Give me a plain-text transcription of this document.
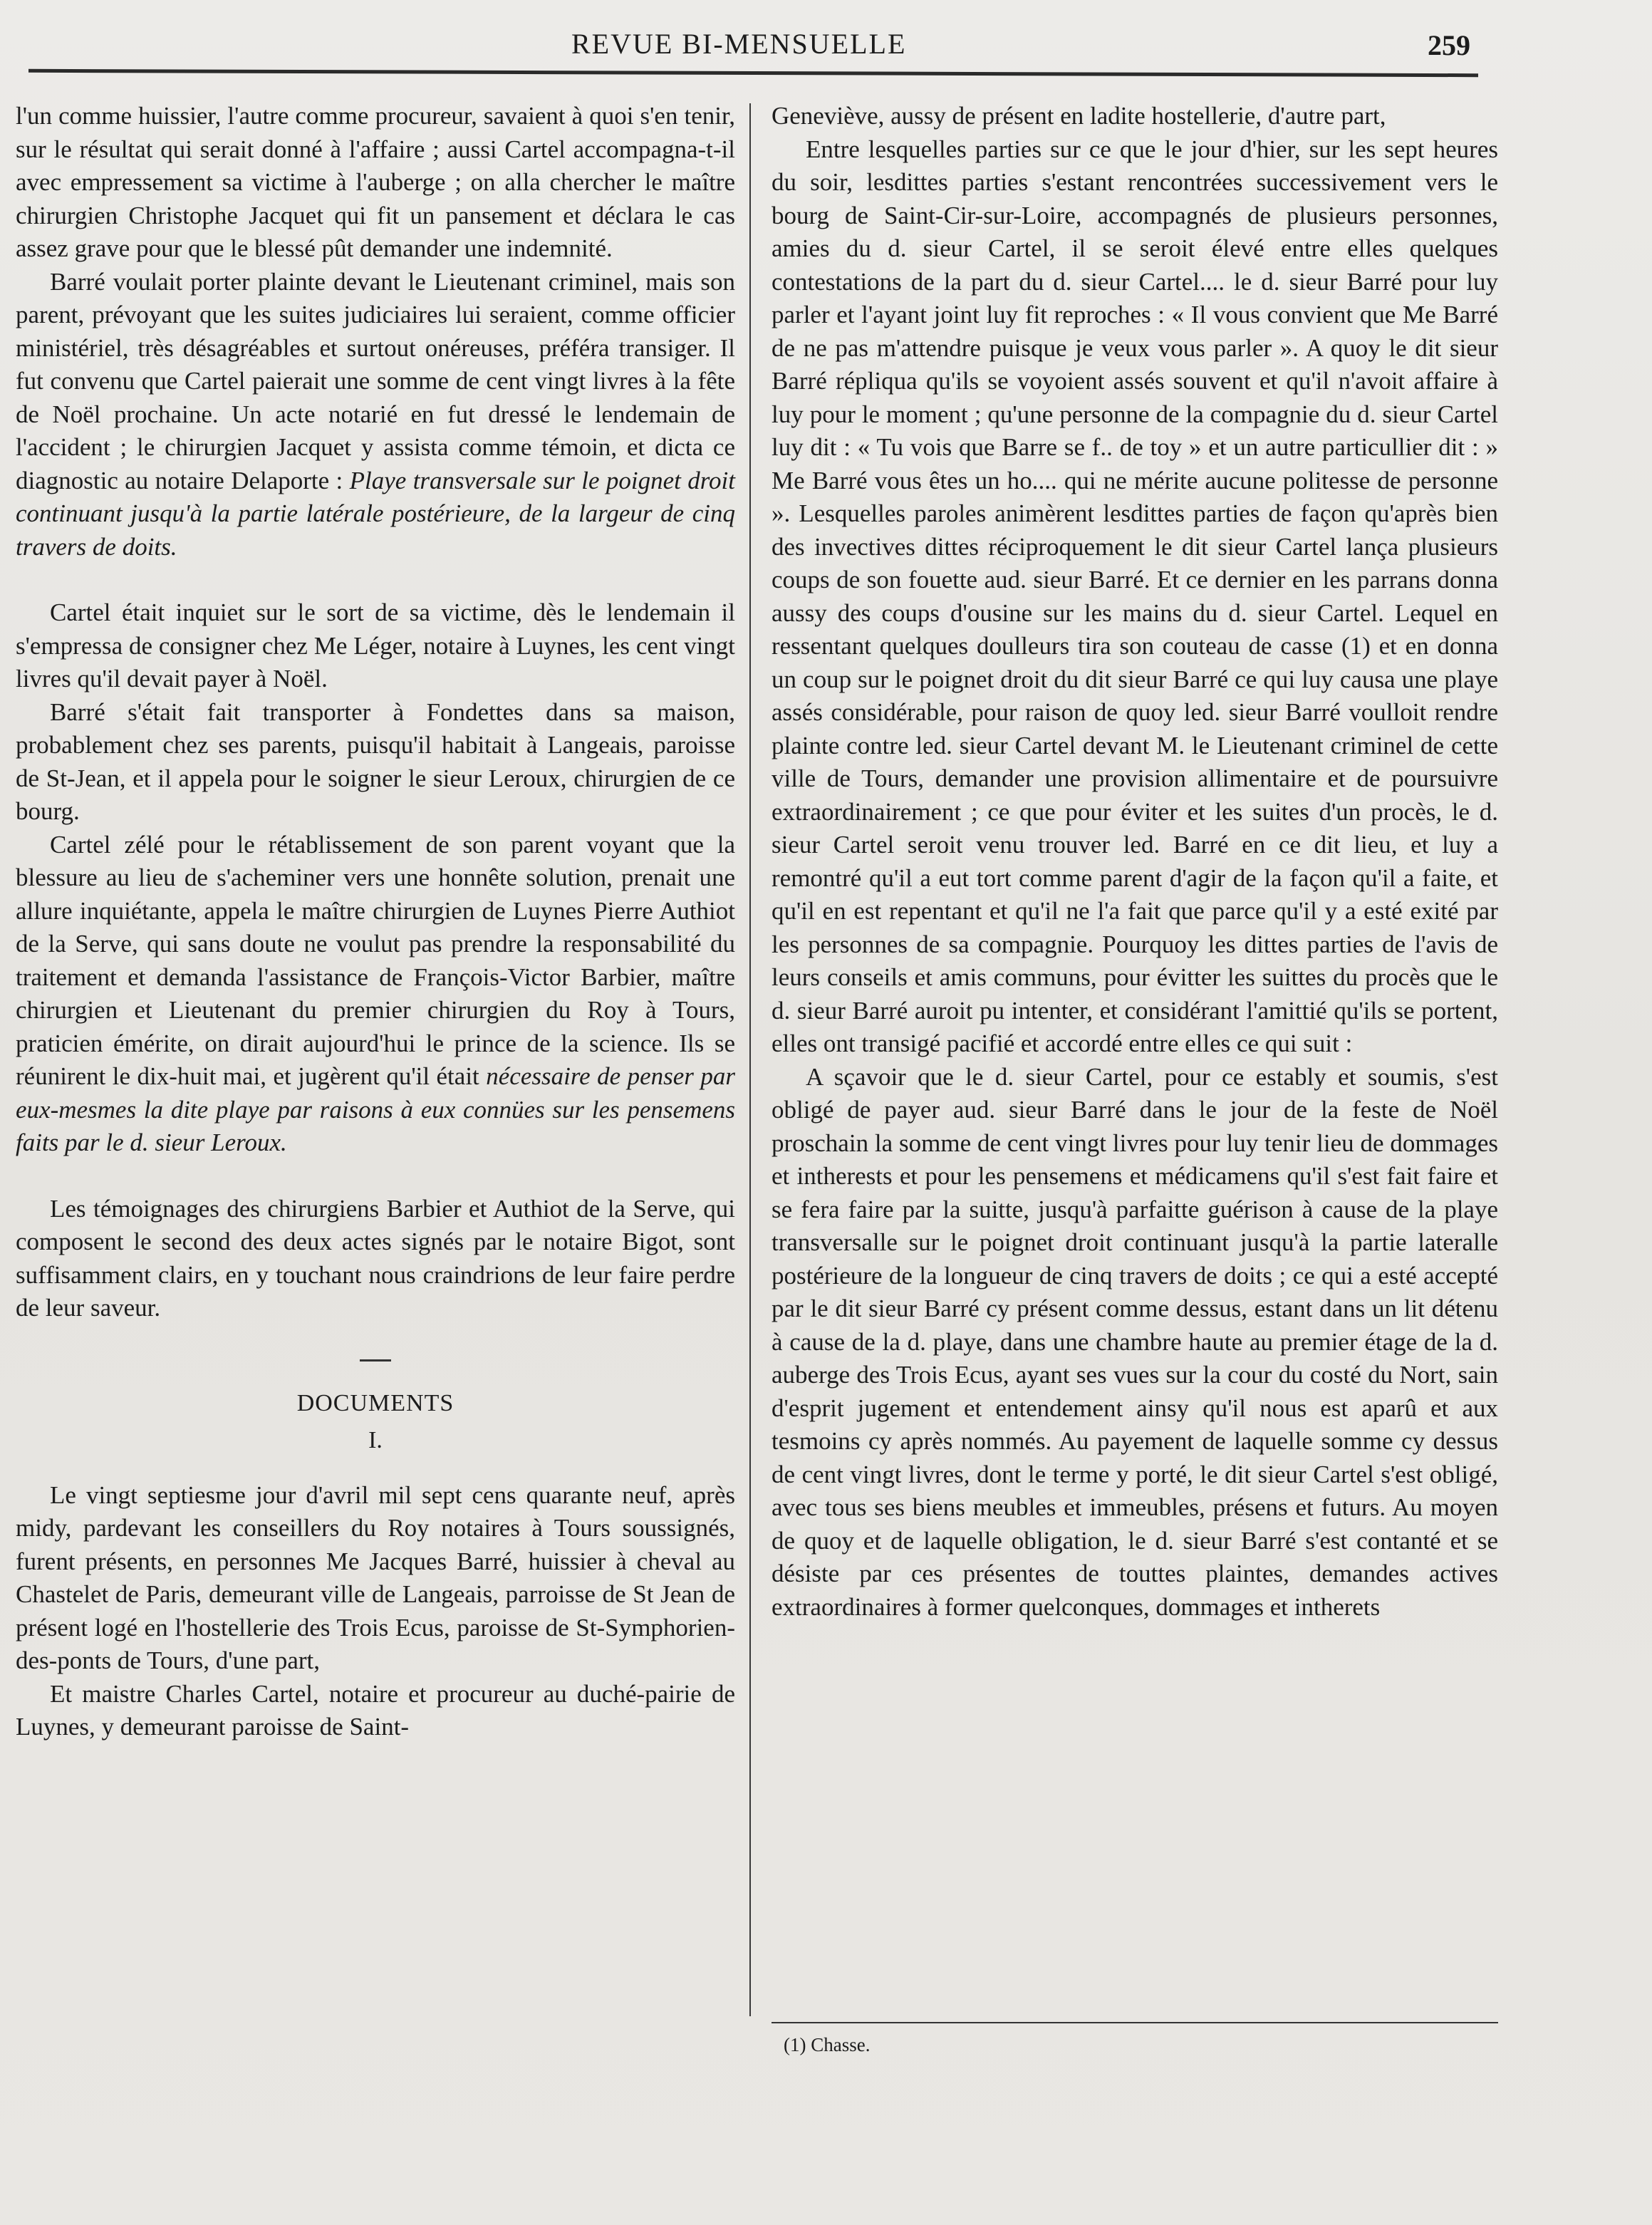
REVUE BI-MENSUELLE	259

l'un comme huissier, l'autre comme procureur, savaient à quoi s'en tenir, sur le résultat qui serait donné à l'affaire ; aussi Cartel accompagna-t-il avec empressement sa victime à l'auberge ; on alla chercher le maître chirurgien Christophe Jacquet qui fit un pansement et déclara le cas assez grave pour que le blessé pût demander une indemnité.

Barré voulait porter plainte devant le Lieutenant criminel, mais son parent, prévoyant que les suites judiciaires lui seraient, comme officier ministériel, très désagréables et surtout onéreuses, préféra transiger. Il fut convenu que Cartel paierait une somme de cent vingt livres à la fête de Noël prochaine. Un acte notarié en fut dressé le lendemain de l'accident ; le chirurgien Jacquet y assista comme témoin, et dicta ce diagnostic au notaire Delaporte : Playe transversale sur le poignet droit continuant jusqu'à la partie latérale postérieure, de la largeur de cinq travers de doits.

Cartel était inquiet sur le sort de sa victime, dès le lendemain il s'empressa de consigner chez Me Léger, notaire à Luynes, les cent vingt livres qu'il devait payer à Noël.

Barré s'était fait transporter à Fondettes dans sa maison, probablement chez ses parents, puisqu'il habitait à Langeais, paroisse de St-Jean, et il appela pour le soigner le sieur Leroux, chirurgien de ce bourg.

Cartel zélé pour le rétablissement de son parent voyant que la blessure au lieu de s'acheminer vers une honnête solution, prenait une allure inquiétante, appela le maître chirurgien de Luynes Pierre Authiot de la Serve, qui sans doute ne voulut pas prendre la responsabilité du traitement et demanda l'assistance de François-Victor Barbier, maître chirurgien et Lieutenant du premier chirurgien du Roy à Tours, praticien émérite, on dirait aujourd'hui le prince de la science. Ils se réunirent le dix-huit mai, et jugèrent qu'il était nécessaire de penser par eux-mesmes la dite playe par raisons à eux connües sur les pensemens faits par le d. sieur Leroux.

Les témoignages des chirurgiens Barbier et Authiot de la Serve, qui composent le second des deux actes signés par le notaire Bigot, sont suffisamment clairs, en y touchant nous craindrions de leur faire perdre de leur saveur.

DOCUMENTS
I.

Le vingt septiesme jour d'avril mil sept cens quarante neuf, après midy, pardevant les conseillers du Roy notaires à Tours soussignés, furent présents, en personnes Me Jacques Barré, huissier à cheval au Chastelet de Paris, demeurant ville de Langeais, parroisse de St Jean de présent logé en l'hostellerie des Trois Ecus, paroisse de St-Symphorien-des-ponts de Tours, d'une part,

Et maistre Charles Cartel, notaire et procureur au duché-pairie de Luynes, y demeurant paroisse de Saint-

Geneviève, aussy de présent en ladite hostellerie, d'autre part,

Entre lesquelles parties sur ce que le jour d'hier, sur les sept heures du soir, lesdittes parties s'estant rencontrées successivement vers le bourg de Saint-Cir-sur-Loire, accompagnés de plusieurs personnes, amies du d. sieur Cartel, il se seroit élevé entre elles quelques contestations de la part du d. sieur Cartel.... le d. sieur Barré pour luy parler et l'ayant joint luy fit reproches : « Il vous convient que Me Barré de ne pas m'attendre puisque je veux vous parler ». A quoy le dit sieur Barré répliqua qu'ils se voyoient assés souvent et qu'il n'avoit affaire à luy pour le moment ; qu'une personne de la compagnie du d. sieur Cartel luy dit : « Tu vois que Barre se f.. de toy » et un autre particullier dit : » Me Barré vous êtes un ho.... qui ne mérite aucune politesse de personne ». Lesquelles paroles animèrent lesdittes parties de façon qu'après bien des invectives dittes réciproquement le dit sieur Cartel lança plusieurs coups de son fouette aud. sieur Barré. Et ce dernier en les parrans donna aussy des coups d'ousine sur les mains du d. sieur Cartel. Lequel en ressentant quelques doulleurs tira son couteau de casse (1) et en donna un coup sur le poignet droit du dit sieur Barré ce qui luy causa une playe assés considérable, pour raison de quoy led. sieur Barré voulloit rendre plainte contre led. sieur Cartel devant M. le Lieutenant criminel de cette ville de Tours, demander une provision allimentaire et de poursuivre extraordinairement ; ce que pour éviter et les suites d'un procès, le d. sieur Cartel seroit venu trouver led. Barré en ce dit lieu, et luy a remontré qu'il a eut tort comme parent d'agir de la façon qu'il a faite, et qu'il en est repentant et qu'il ne l'a fait que parce qu'il y a esté exité par les personnes de sa compagnie. Pourquoy les dittes parties de l'avis de leurs conseils et amis communs, pour évitter les suittes du procès que le d. sieur Barré auroit pu intenter, et considérant l'amittié qu'ils se portent, elles ont transigé pacifié et accordé entre elles ce qui suit :

A sçavoir que le d. sieur Cartel, pour ce estably et soumis, s'est obligé de payer aud. sieur Barré dans le jour de la feste de Noël proschain la somme de cent vingt livres pour luy tenir lieu de dommages et intherests et pour les pensemens et médicamens qu'il s'est fait faire et se fera faire par la suitte, jusqu'à parfaitte guérison à cause de la playe transversalle sur le poignet droit continuant jusqu'à la partie lateralle postérieure de la longueur de cinq travers de doits ; ce qui a esté accepté par le dit sieur Barré cy présent comme dessus, estant dans un lit détenu à cause de la d. playe, dans une chambre haute au premier étage de la d. auberge des Trois Ecus, ayant ses vues sur la cour du costé du Nort, sain d'esprit jugement et entendement ainsy qu'il nous est aparû et aux tesmoins cy après nommés. Au payement de laquelle somme cy dessus de cent vingt livres, dont le terme y porté, le dit sieur Cartel s'est obligé, avec tous ses biens meubles et immeubles, présens et futurs. Au moyen de quoy et de laquelle obligation, le d. sieur Barré s'est contanté et se désiste par ces présentes de touttes plaintes, demandes actives extraordinaires à former quelconques, dommages et intherets

(1) Chasse.
